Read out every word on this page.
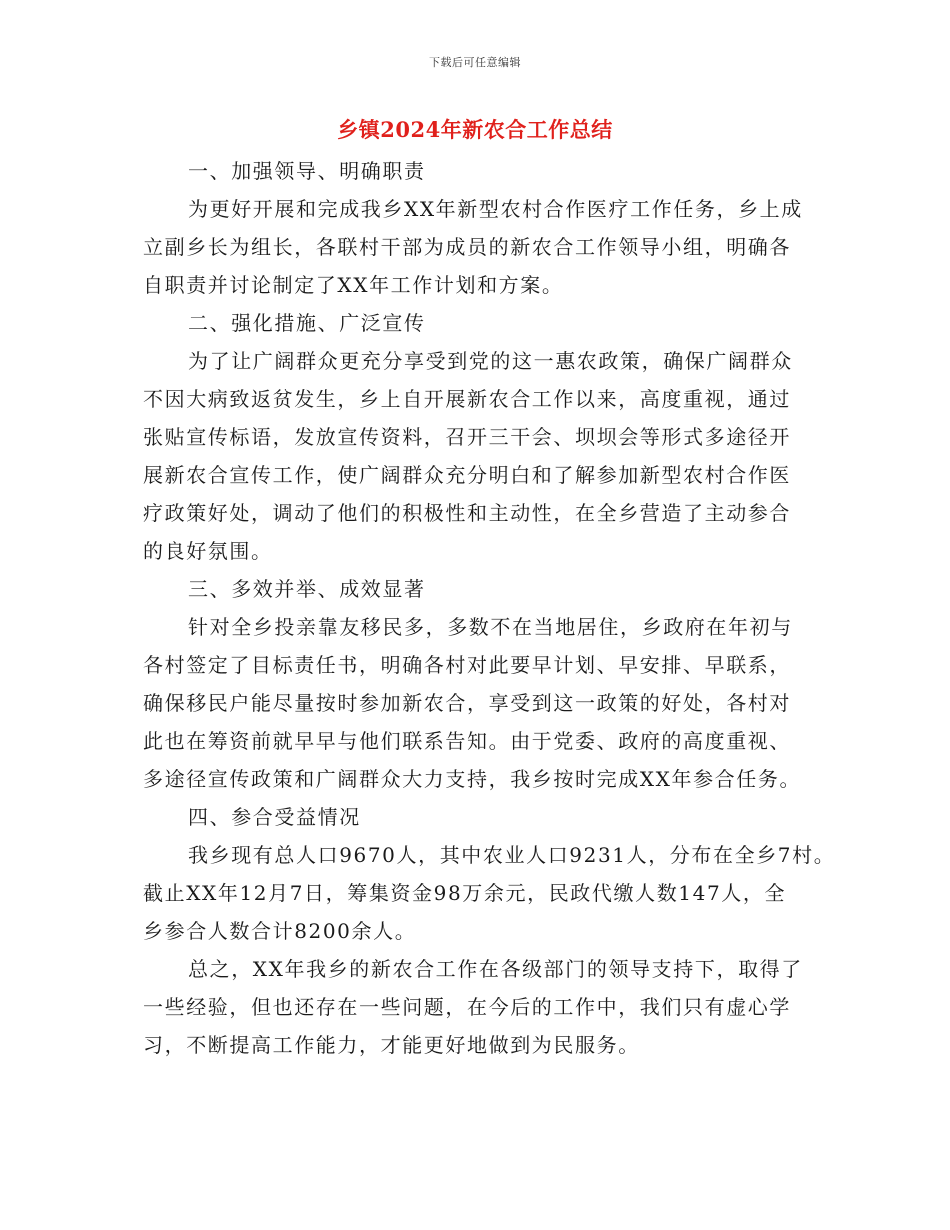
下载后可任意编辑
乡镇2024年新农合工作总结
一、加强领导、明确职责
为更好开展和完成我乡XX年新型农村合作医疗工作任务，乡上成
立副乡长为组长，各联村干部为成员的新农合工作领导小组，明确各
自职责并讨论制定了XX年工作计划和方案。
二、强化措施、广泛宣传
为了让广阔群众更充分享受到党的这一惠农政策，确保广阔群众
不因大病致返贫发生，乡上自开展新农合工作以来，高度重视，通过
张贴宣传标语，发放宣传资料，召开三干会、坝坝会等形式多途径开
展新农合宣传工作，使广阔群众充分明白和了解参加新型农村合作医
疗政策好处，调动了他们的积极性和主动性，在全乡营造了主动参合
的良好氛围。
三、多效并举、成效显著
针对全乡投亲靠友移民多，多数不在当地居住，乡政府在年初与
各村签定了目标责任书，明确各村对此要早计划、早安排、早联系，
确保移民户能尽量按时参加新农合，享受到这一政策的好处，各村对
此也在筹资前就早早与他们联系告知。由于党委、政府的高度重视、
多途径宣传政策和广阔群众大力支持，我乡按时完成XX年参合任务。
四、参合受益情况
我乡现有总人口9670人，其中农业人口9231人，分布在全乡7村。
截止XX年12月7日，筹集资金98万余元，民政代缴人数147人，全
乡参合人数合计8200余人。
总之，XX年我乡的新农合工作在各级部门的领导支持下，取得了
一些经验，但也还存在一些问题，在今后的工作中，我们只有虚心学
习，不断提高工作能力，才能更好地做到为民服务。
